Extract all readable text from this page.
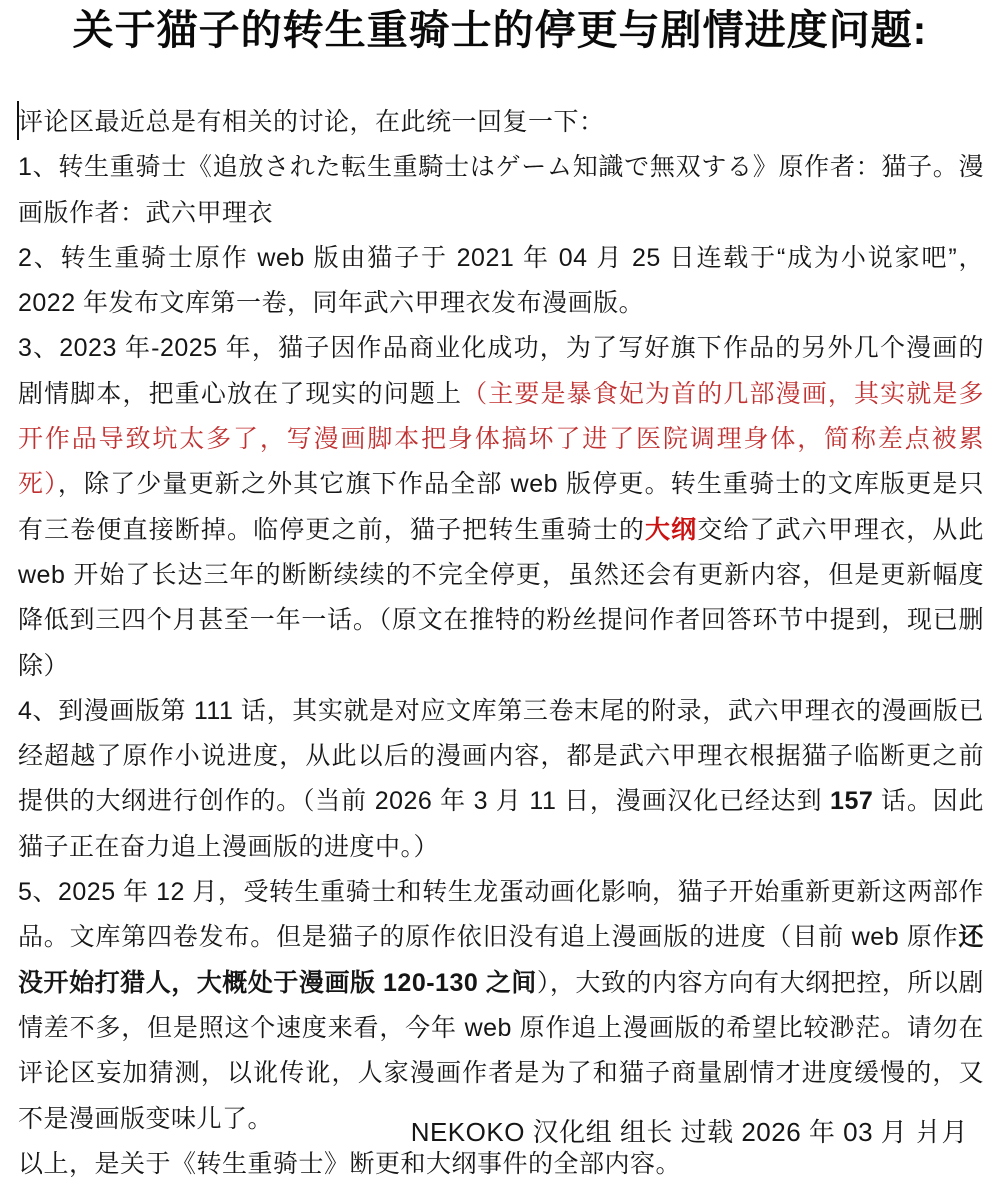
关于猫子的转生重骑士的停更与剧情进度问题:

评论区最近总是有相关的讨论，在此统一回复一下：

1、转生重骑士《追放された転生重騎士はゲーム知識で無双する》原作者：猫子。漫画版作者：武六甲理衣

2、转生重骑士原作 web 版由猫子于 2021 年 04 月 25 日连载于“成为小说家吧”，2022 年发布文库第一卷，同年武六甲理衣发布漫画版。

3、2023 年-2025 年，猫子因作品商业化成功，为了写好旗下作品的另外几个漫画的剧情脚本，把重心放在了现实的问题上（主要是暴食妃为首的几部漫画，其实就是多开作品导致坑太多了，写漫画脚本把身体搞坏了进了医院调理身体，简称差点被累死），除了少量更新之外其它旗下作品全部 web 版停更。转生重骑士的文库版更是只有三卷便直接断掉。临停更之前，猫子把转生重骑士的大纲交给了武六甲理衣，从此 web 开始了长达三年的断断续续的不完全停更，虽然还会有更新内容，但是更新幅度降低到三四个月甚至一年一话。（原文在推特的粉丝提问作者回答环节中提到，现已删除）

4、到漫画版第 111 话，其实就是对应文库第三卷末尾的附录，武六甲理衣的漫画版已经超越了原作小说进度，从此以后的漫画内容，都是武六甲理衣根据猫子临断更之前提供的大纲进行创作的。（当前 2026 年 3 月 11 日，漫画汉化已经达到 157 话。因此猫子正在奋力追上漫画版的进度中。）

5、2025 年 12 月，受转生重骑士和转生龙蛋动画化影响，猫子开始重新更新这两部作品。文库第四卷发布。但是猫子的原作依旧没有追上漫画版的进度（目前 web 原作还没开始打猎人，大概处于漫画版 120-130 之间），大致的内容方向有大纲把控，所以剧情差不多，但是照这个速度来看，今年 web 原作追上漫画版的希望比较渺茫。请勿在评论区妄加猜测，以讹传讹，人家漫画作者是为了和猫子商量剧情才进度缓慢的，又不是漫画版变味儿了。

以上，是关于《转生重骑士》断更和大纲事件的全部内容。

NEKOKO 汉化组 组长 过载 2026 年 03 月 爿月
